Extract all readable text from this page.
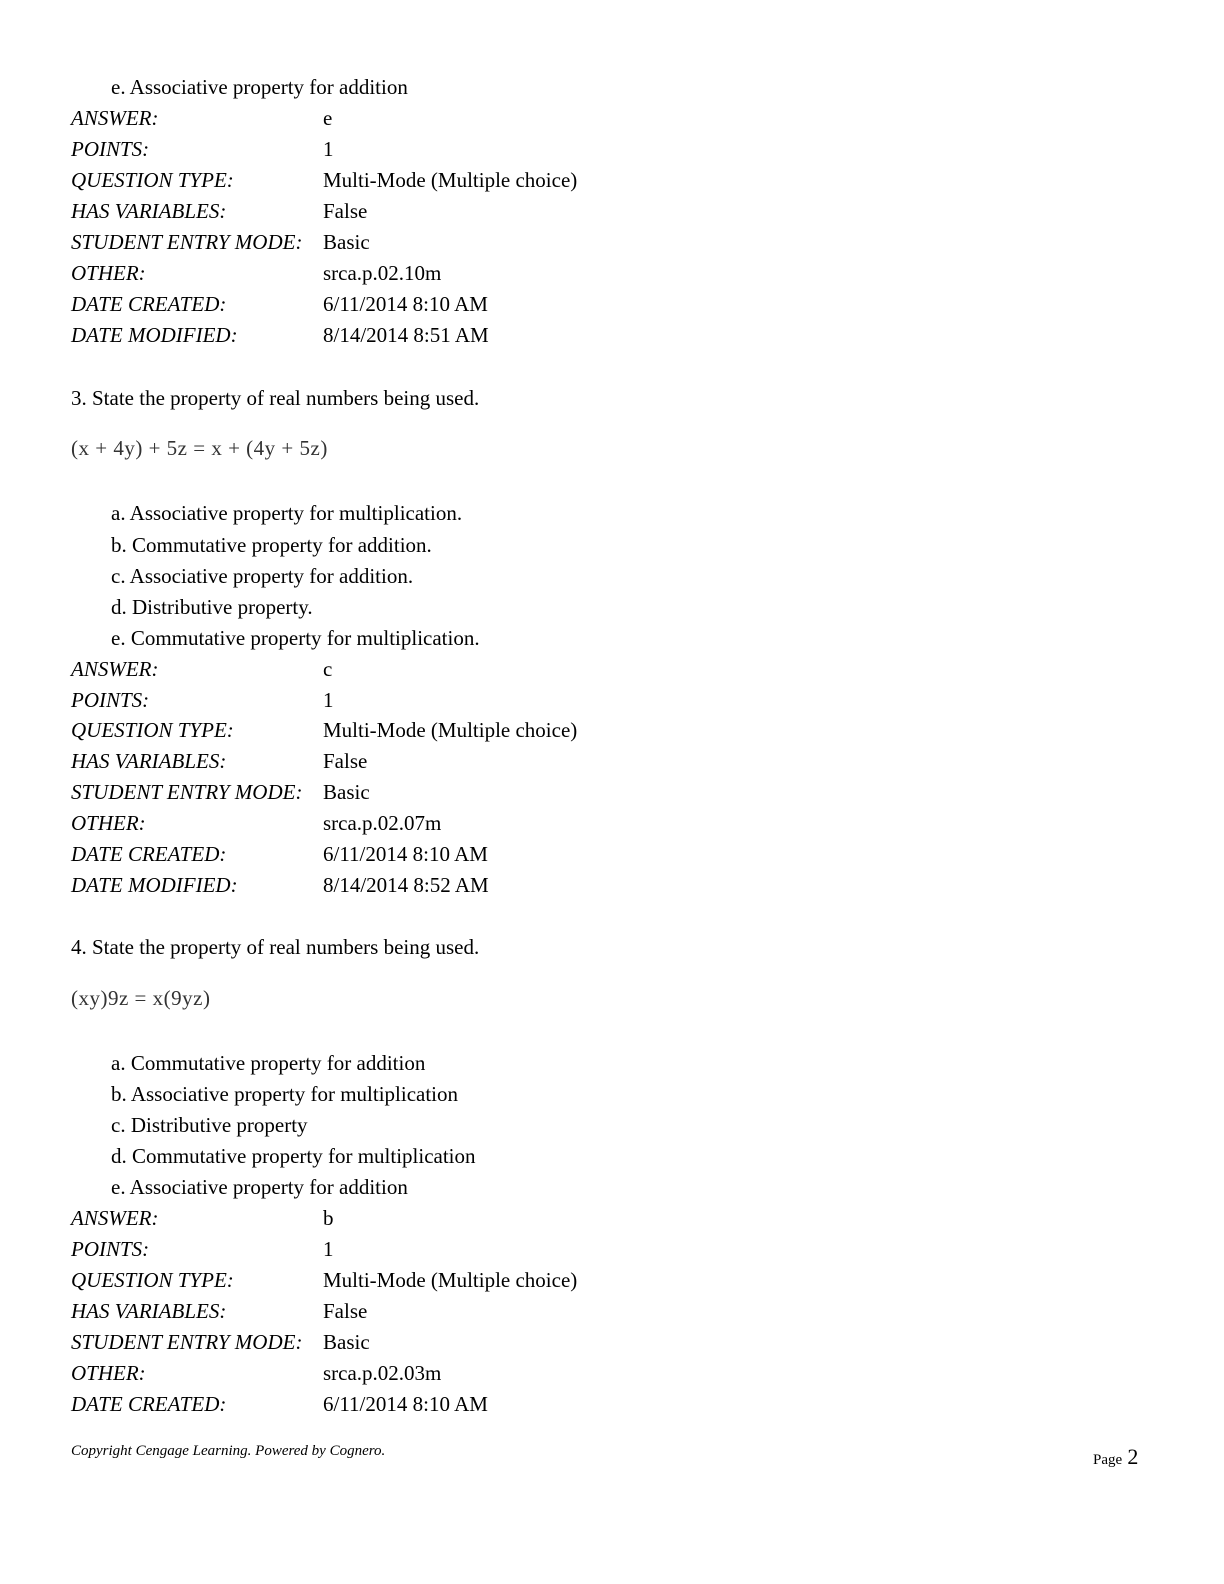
e. Associative property for addition
ANSWER:	e
POINTS:	1
QUESTION TYPE:	Multi-Mode (Multiple choice)
HAS VARIABLES:	False
STUDENT ENTRY MODE: Basic
OTHER:	srca.p.02.10m
DATE CREATED:	6/11/2014 8:10 AM
DATE MODIFIED:	8/14/2014 8:51 AM
3. State the property of real numbers being used.
(x + 4y) + 5z = x + (4y + 5z)
a. Associative property for multiplication.
b. Commutative property for addition.
c. Associative property for addition.
d. Distributive property.
e. Commutative property for multiplication.
ANSWER:	c
POINTS:	1
QUESTION TYPE:	Multi-Mode (Multiple choice)
HAS VARIABLES:	False
STUDENT ENTRY MODE: Basic
OTHER:	srca.p.02.07m
DATE CREATED:	6/11/2014 8:10 AM
DATE MODIFIED:	8/14/2014 8:52 AM
4. State the property of real numbers being used.
(xy)9z = x(9yz)
a. Commutative property for addition
b. Associative property for multiplication
c. Distributive property
d. Commutative property for multiplication
e. Associative property for addition
ANSWER:	b
POINTS:	1
QUESTION TYPE:	Multi-Mode (Multiple choice)
HAS VARIABLES:	False
STUDENT ENTRY MODE: Basic
OTHER:	srca.p.02.03m
DATE CREATED:	6/11/2014 8:10 AM
Copyright Cengage Learning. Powered by Cognero.
Page 2
